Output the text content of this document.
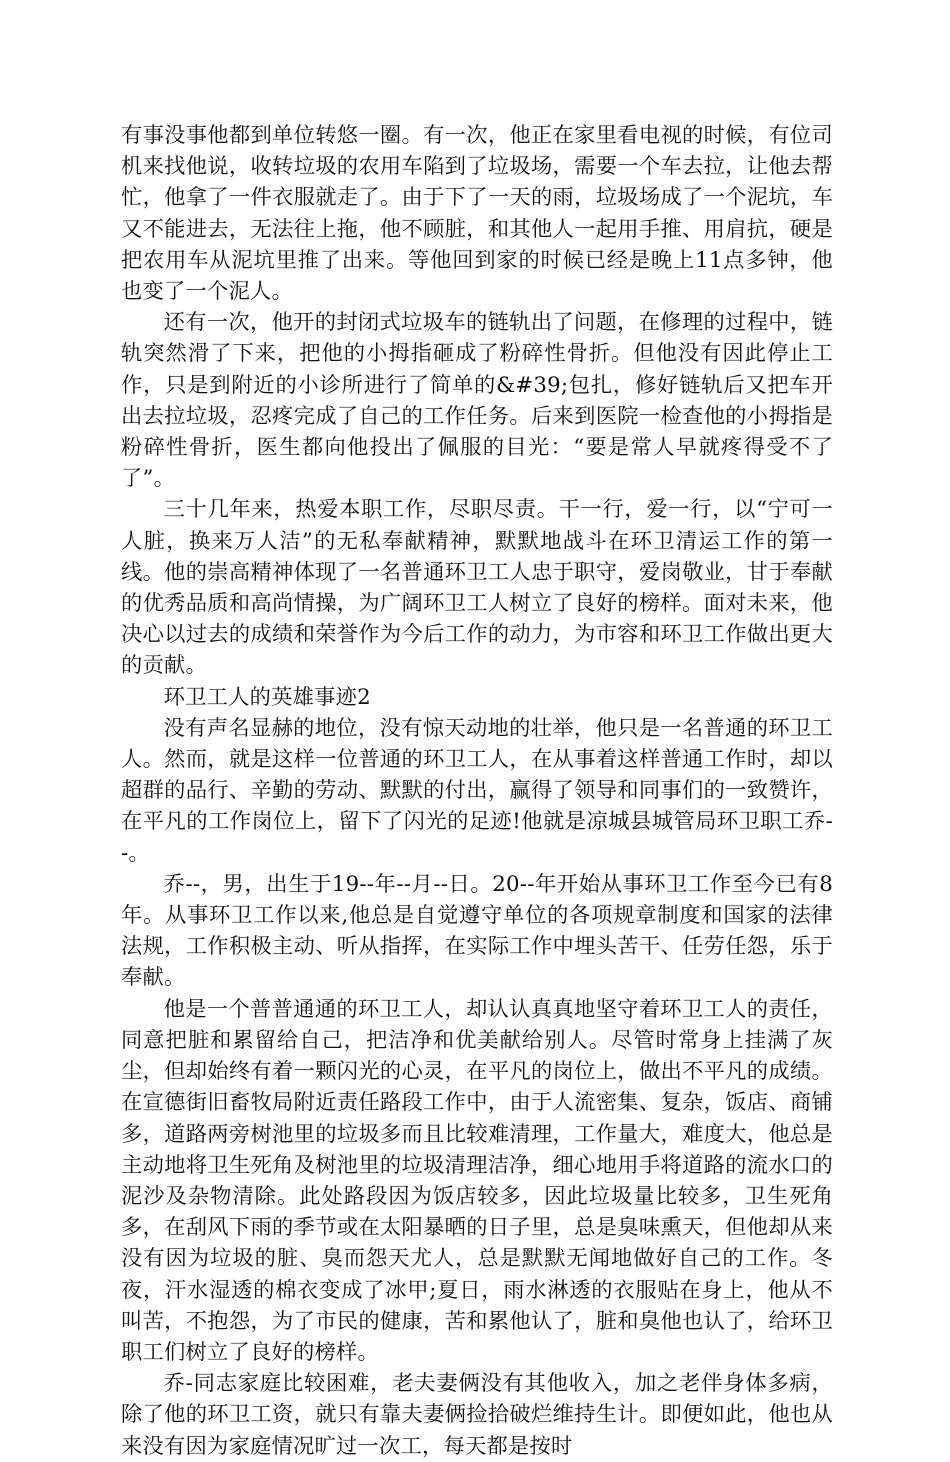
有事没事他都到单位转悠一圈。有一次，他正在家里看电视的时候，有位司机来找他说，收转垃圾的农用车陷到了垃圾场，需要一个车去拉，让他去帮忙，他拿了一件衣服就走了。由于下了一天的雨，垃圾场成了一个泥坑，车又不能进去，无法往上拖，他不顾脏，和其他人一起用手推、用肩抗，硬是把农用车从泥坑里推了出来。等他回到家的时候已经是晚上11点多钟，他也变了一个泥人。

还有一次，他开的封闭式垃圾车的链轨出了问题，在修理的过程中，链轨突然滑了下来，把他的小拇指砸成了粉碎性骨折。但他没有因此停止工作，只是到附近的小诊所进行了简单的&#39;包扎，修好链轨后又把车开出去拉垃圾，忍疼完成了自己的工作任务。后来到医院一检查他的小拇指是粉碎性骨折，医生都向他投出了佩服的目光：“要是常人早就疼得受不了了”。

三十几年来，热爱本职工作，尽职尽责。干一行，爱一行，以“宁可一人脏，换来万人洁”的无私奉献精神，默默地战斗在环卫清运工作的第一线。他的崇高精神体现了一名普通环卫工人忠于职守，爱岗敬业，甘于奉献的优秀品质和高尚情操，为广阔环卫工人树立了良好的榜样。面对未来，他决心以过去的成绩和荣誉作为今后工作的动力，为市容和环卫工作做出更大的贡献。

环卫工人的英雄事迹2

没有声名显赫的地位，没有惊天动地的壮举，他只是一名普通的环卫工人。然而，就是这样一位普通的环卫工人，在从事着这样普通工作时，却以超群的品行、辛勤的劳动、默默的付出，赢得了领导和同事们的一致赞许，在平凡的工作岗位上，留下了闪光的足迹!他就是凉城县城管局环卫职工乔--。

乔--，男，出生于19--年--月--日。20--年开始从事环卫工作至今已有8年。从事环卫工作以来,他总是自觉遵守单位的各项规章制度和国家的法律法规，工作积极主动、听从指挥，在实际工作中埋头苦干、任劳任怨，乐于奉献。

他是一个普普通通的环卫工人，却认认真真地坚守着环卫工人的责任，同意把脏和累留给自己，把洁净和优美献给别人。尽管时常身上挂满了灰尘，但却始终有着一颗闪光的心灵，在平凡的岗位上，做出不平凡的成绩。在宣德街旧畜牧局附近责任路段工作中，由于人流密集、复杂，饭店、商铺多，道路两旁树池里的垃圾多而且比较难清理，工作量大，难度大，他总是主动地将卫生死角及树池里的垃圾清理洁净，细心地用手将道路的流水口的泥沙及杂物清除。此处路段因为饭店较多，因此垃圾量比较多，卫生死角多，在刮风下雨的季节或在太阳暴晒的日子里，总是臭味熏天，但他却从来没有因为垃圾的脏、臭而怨天尤人，总是默默无闻地做好自己的工作。冬夜，汗水湿透的棉衣变成了冰甲;夏日，雨水淋透的衣服贴在身上，他从不叫苦，不抱怨，为了市民的健康，苦和累他认了，脏和臭他也认了，给环卫职工们树立了良好的榜样。

乔-同志家庭比较困难，老夫妻俩没有其他收入，加之老伴身体多病，除了他的环卫工资，就只有靠夫妻俩捡拾破烂维持生计。即便如此，他也从来没有因为家庭情况旷过一次工，每天都是按时
